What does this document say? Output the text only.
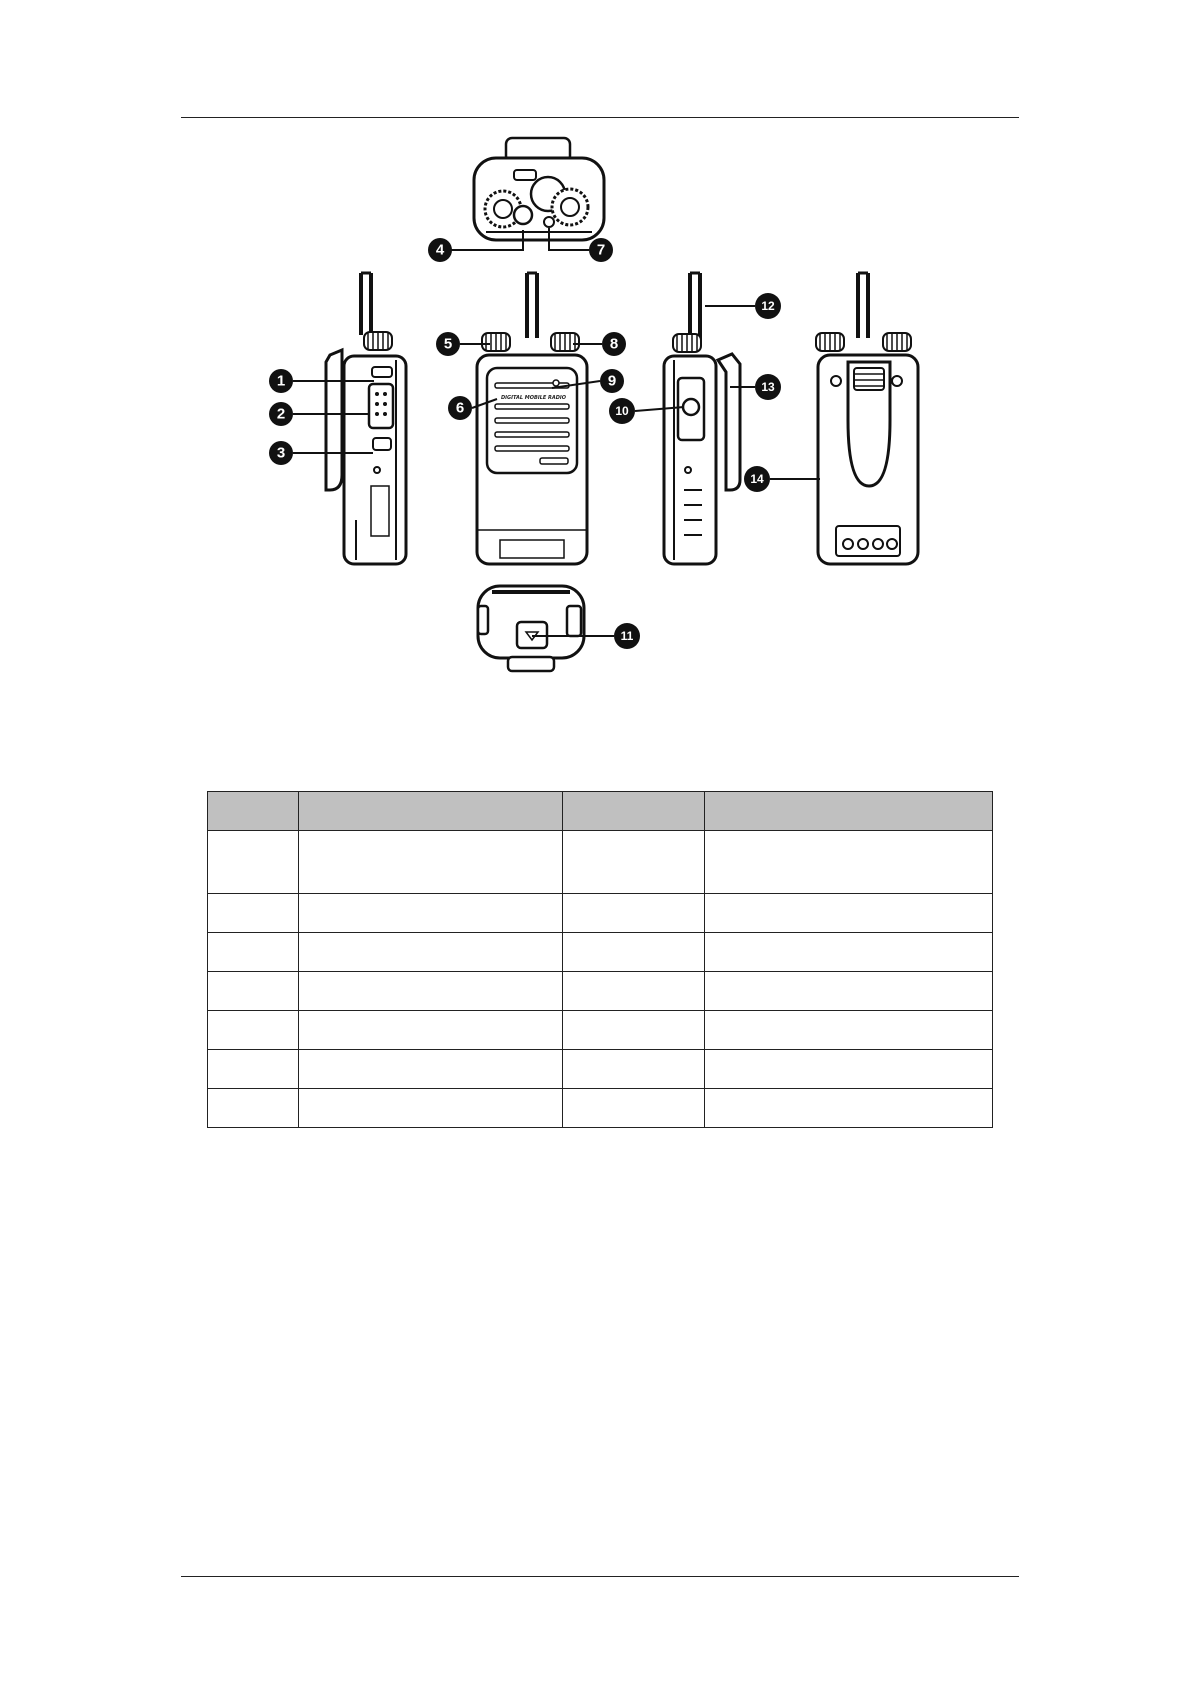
DIGITAL MOBILE RADIO
1
2
3
4
5
6
7
8
9
10
11
12
13
14
